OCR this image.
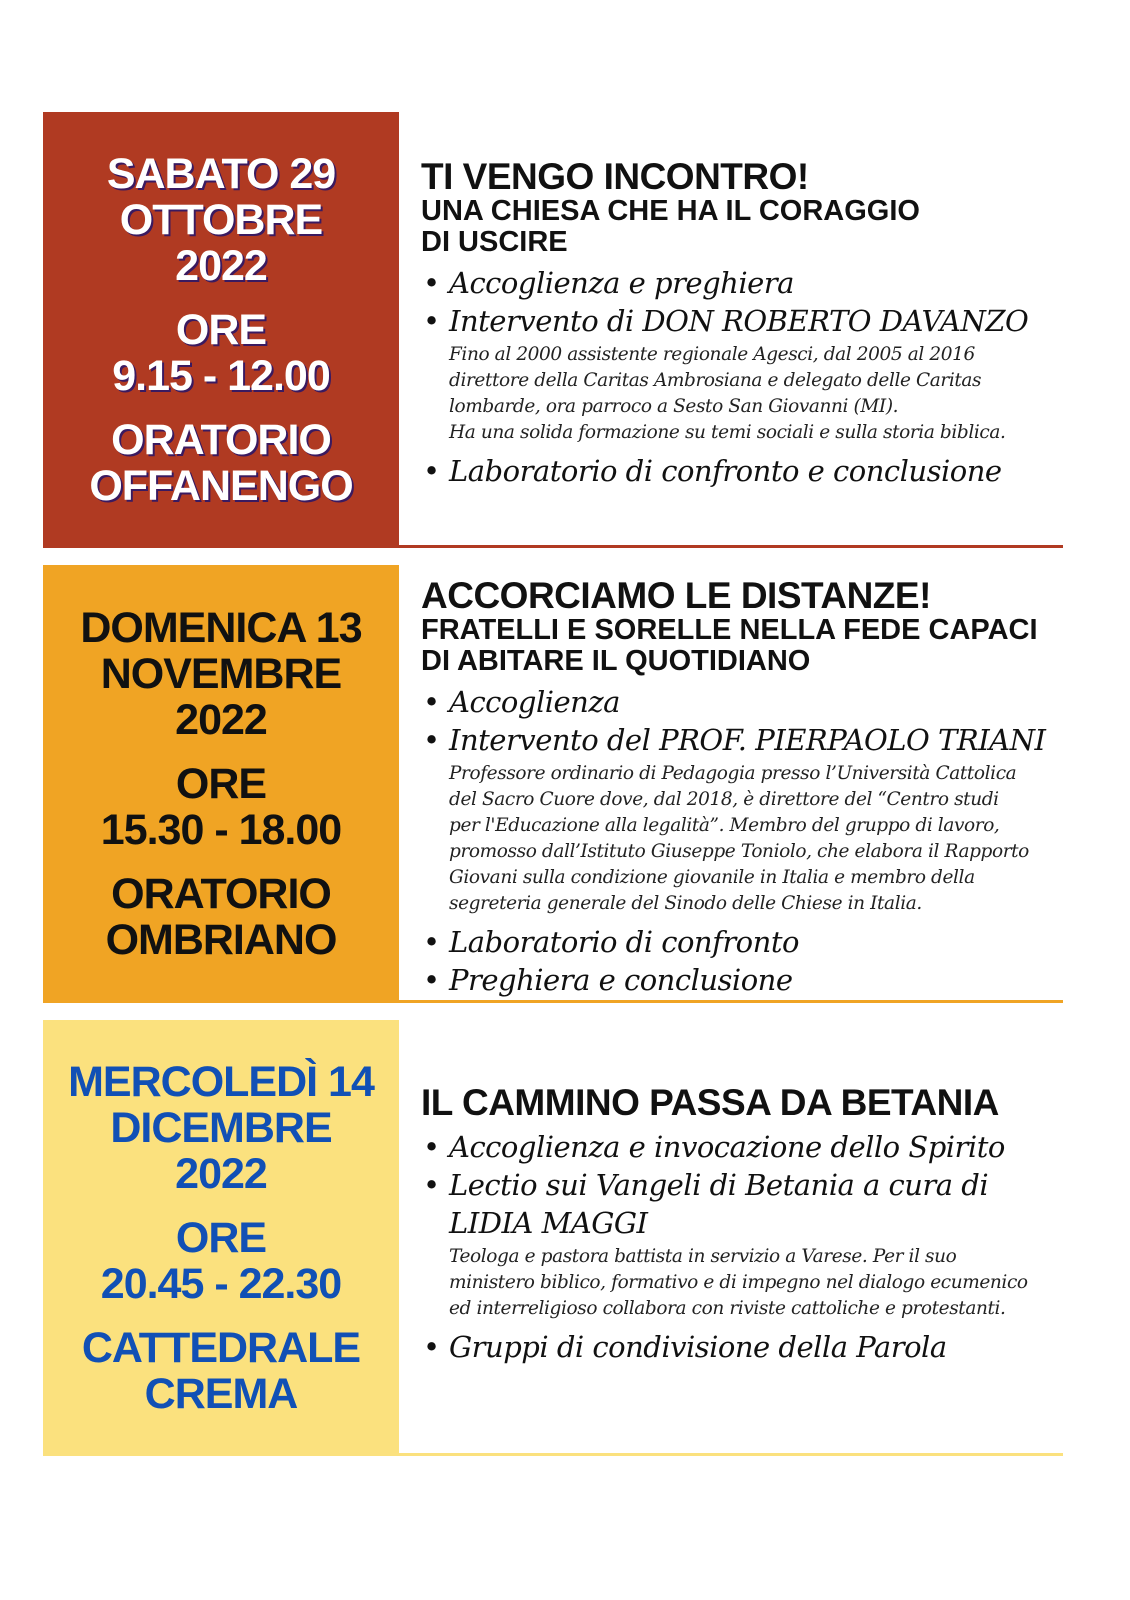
SABATO 29
OTTOBRE
2022
ORE
9.15 - 12.00
ORATORIO
OFFANENGO
TI VENGO INCONTRO!
UNA CHIESA CHE HA IL CORAGGIO
DI USCIRE
• Accoglienza e preghiera
• Intervento di DON ROBERTO DAVANZO
Fino al 2000 assistente regionale Agesci, dal 2005 al 2016
direttore della Caritas Ambrosiana e delegato delle Caritas
lombarde, ora parroco a Sesto San Giovanni (MI).
Ha una solida formazione su temi sociali e sulla storia biblica.
• Laboratorio di confronto e conclusione
DOMENICA 13
NOVEMBRE
2022
ORE
15.30 - 18.00
ORATORIO
OMBRIANO
ACCORCIAMO LE DISTANZE!
FRATELLI E SORELLE NELLA FEDE CAPACI
DI ABITARE IL QUOTIDIANO
• Accoglienza
• Intervento del PROF. PIERPAOLO TRIANI
Professore ordinario di Pedagogia presso l’Università Cattolica
del Sacro Cuore dove, dal 2018, è direttore del “Centro studi
per l'Educazione alla legalità”. Membro del gruppo di lavoro,
promosso dall’Istituto Giuseppe Toniolo, che elabora il Rapporto
Giovani sulla condizione giovanile in Italia e membro della
segreteria generale del Sinodo delle Chiese in Italia.
• Laboratorio di confronto
• Preghiera e conclusione
MERCOLEDÌ 14
DICEMBRE
2022
ORE
20.45 - 22.30
CATTEDRALE
CREMA
IL CAMMINO PASSA DA BETANIA
• Accoglienza e invocazione dello Spirito
• Lectio sui Vangeli di Betania a cura di
LIDIA MAGGI
Teologa e pastora battista in servizio a Varese. Per il suo
ministero biblico, formativo e di impegno nel dialogo ecumenico
ed interreligioso collabora con riviste cattoliche e protestanti.
• Gruppi di condivisione della Parola
